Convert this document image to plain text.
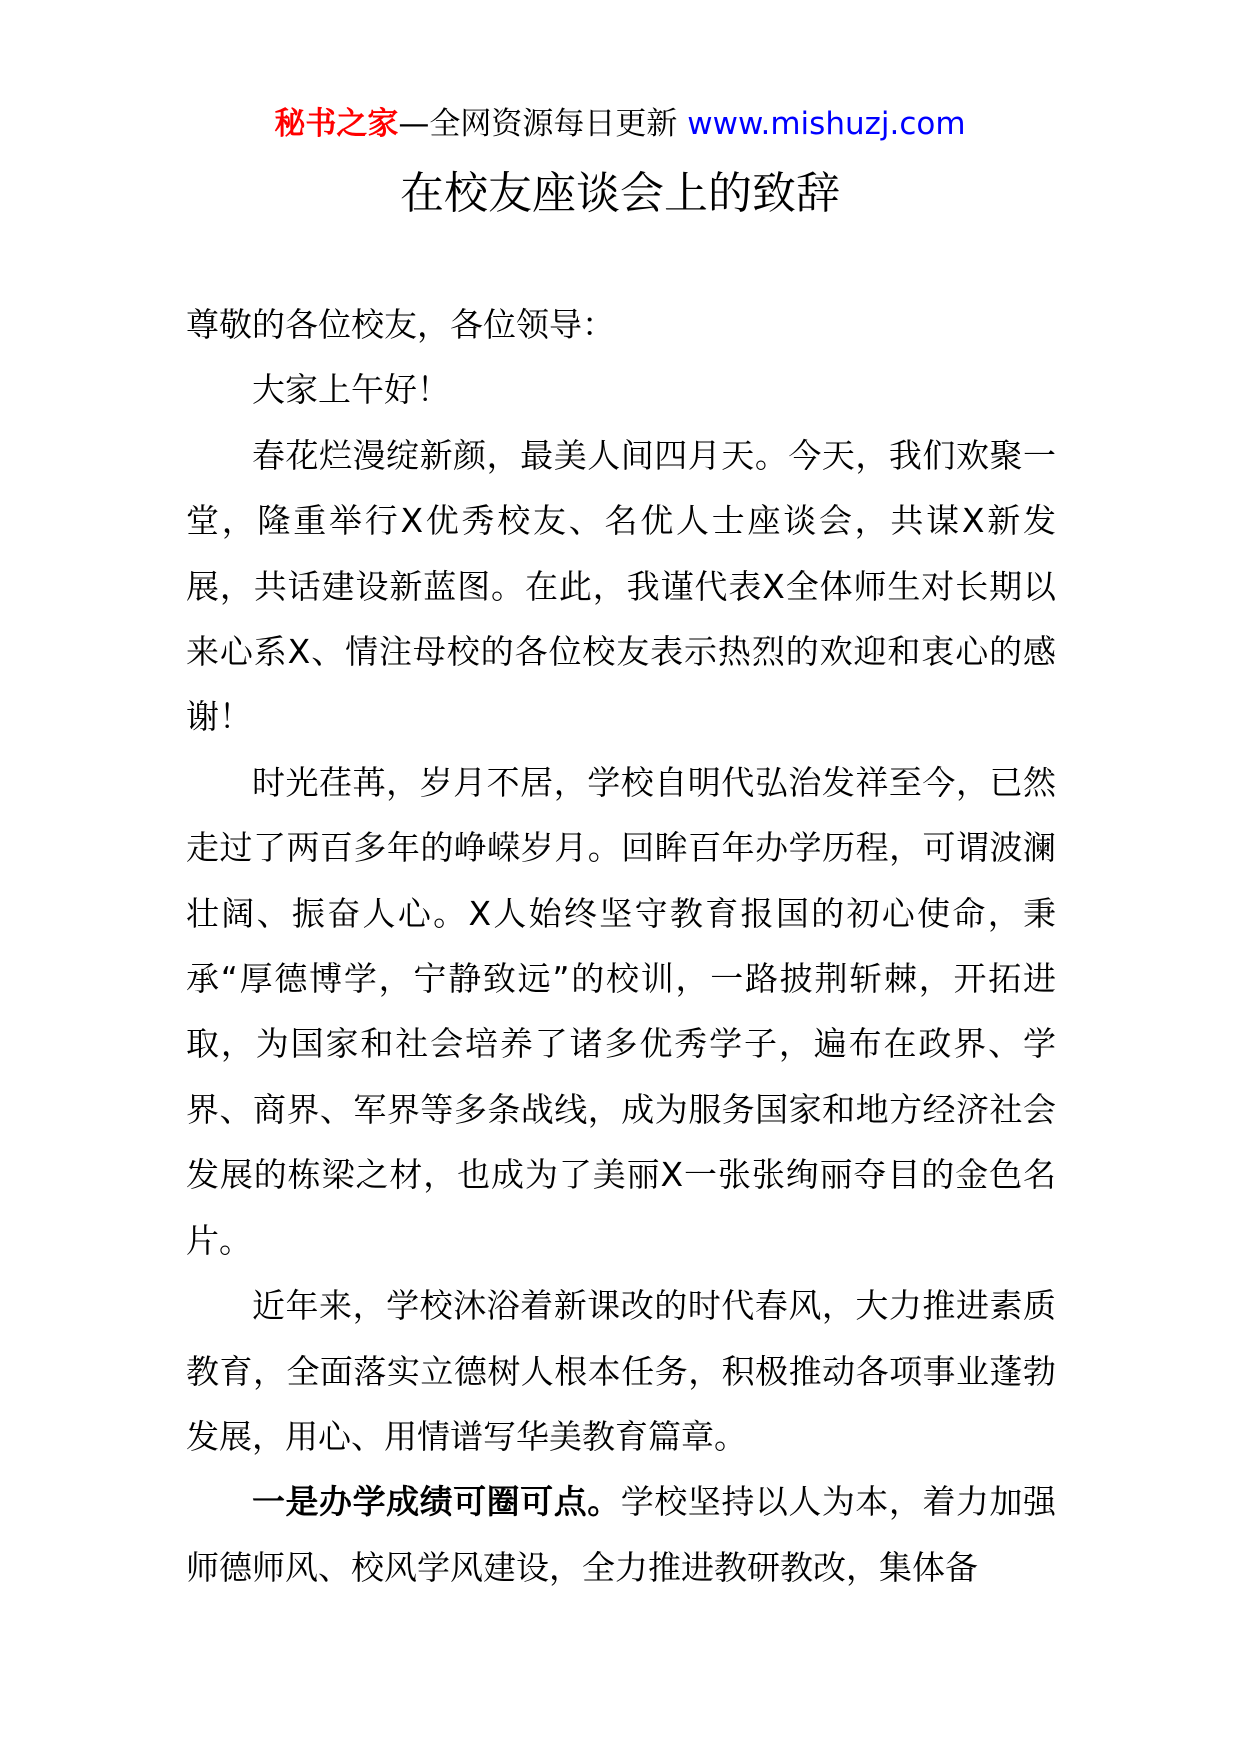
秘书之家—全网资源每日更新 www.mishuzj.com
在校友座谈会上的致辞

尊敬的各位校友，各位领导：

大家上午好！

春花烂漫绽新颜，最美人间四月天。今天，我们欢聚一堂，隆重举行X优秀校友、名优人士座谈会，共谋X新发展，共话建设新蓝图。在此，我谨代表X全体师生对长期以来心系X、情注母校的各位校友表示热烈的欢迎和衷心的感谢！

时光荏苒，岁月不居，学校自明代弘治发祥至今，已然走过了两百多年的峥嵘岁月。回眸百年办学历程，可谓波澜壮阔、振奋人心。X人始终坚守教育报国的初心使命，秉承“厚德博学，宁静致远”的校训，一路披荆斩棘，开拓进取，为国家和社会培养了诸多优秀学子，遍布在政界、学界、商界、军界等多条战线，成为服务国家和地方经济社会发展的栋梁之材，也成为了美丽X一张张绚丽夺目的金色名片。

近年来，学校沐浴着新课改的时代春风，大力推进素质教育，全面落实立德树人根本任务，积极推动各项事业蓬勃发展，用心、用情谱写华美教育篇章。

一是办学成绩可圈可点。学校坚持以人为本，着力加强师德师风、校风学风建设，全力推进教研教改，集体备
